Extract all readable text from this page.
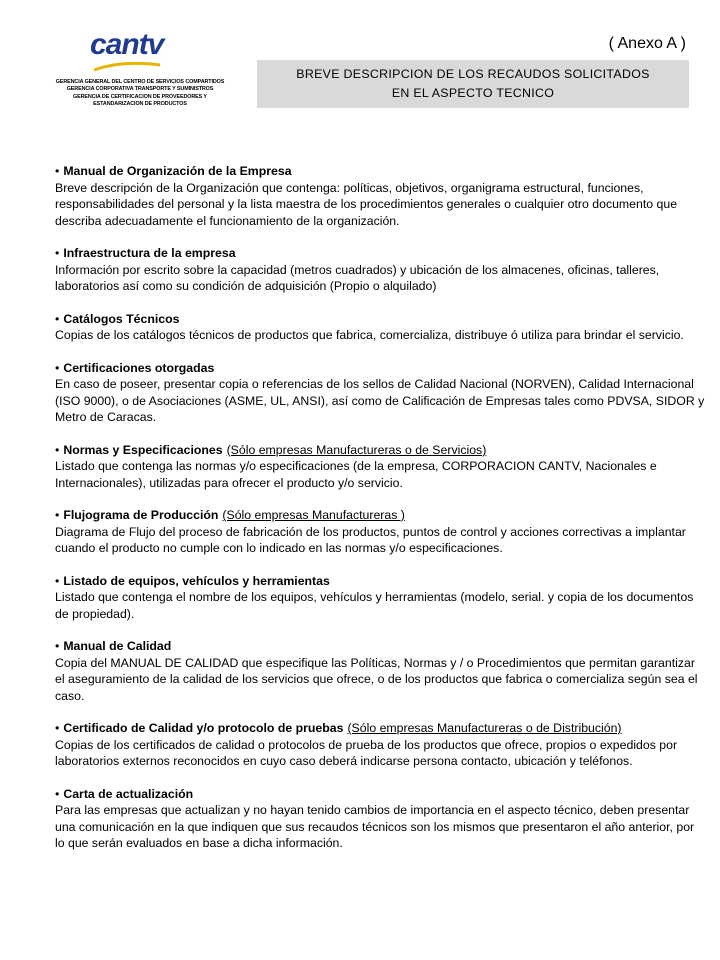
cantv
GERENCIA GENERAL DEL CENTRO DE SERVICIOS COMPARTIDOS
GERENCIA CORPORATIVA TRANSPORTE Y SUMINISTROS
GERENCIA DE CERTIFICACION DE PROVEEDORES Y
ESTANDARIZACION DE PRODUCTOS
( Anexo A )
BREVE DESCRIPCION DE LOS RECAUDOS SOLICITADOS
EN EL ASPECTO TECNICO
• Manual de Organización de la Empresa
Breve descripción de la Organización que contenga: políticas, objetivos, organigrama estructural, funciones, responsabilidades del personal y la lista maestra de los procedimientos generales o cualquier otro documento que describa adecuadamente el funcionamiento de la organización.
• Infraestructura de la empresa
Información por escrito sobre la capacidad (metros cuadrados) y ubicación de los almacenes, oficinas, talleres, laboratorios así como su condición de adquisición (Propio o alquilado)
• Catálogos Técnicos
Copias de los catálogos técnicos de productos que fabrica, comercializa, distribuye ó utiliza para brindar el servicio.
• Certificaciones otorgadas
En caso de poseer, presentar copia o referencias de los sellos de Calidad Nacional (NORVEN), Calidad Internacional (ISO 9000), o de Asociaciones (ASME, UL, ANSI), así como de Calificación de Empresas tales como PDVSA, SIDOR y Metro de Caracas.
• Normas y Especificaciones (Sólo empresas Manufactureras o de Servicios)
Listado que contenga las normas y/o especificaciones (de la empresa, CORPORACION CANTV, Nacionales e Internacionales), utilizadas para ofrecer el producto y/o servicio.
• Flujograma de Producción (Sólo empresas Manufactureras )
Diagrama de Flujo del proceso de fabricación de los productos, puntos de control y acciones correctivas a implantar cuando el producto no cumple con lo indicado en las normas y/o especificaciones.
• Listado de equipos, vehículos y herramientas
Listado que contenga el nombre de los equipos, vehículos y herramientas (modelo, serial. y copia de los documentos de propiedad).
• Manual de Calidad
Copia del MANUAL DE CALIDAD que especifique las Políticas, Normas y / o Procedimientos que permitan garantizar el aseguramiento de la calidad de los servicios que ofrece, o de los productos que fabrica o comercializa según sea el caso.
• Certificado de Calidad y/o protocolo de pruebas (Sólo empresas Manufactureras o de Distribución)
Copias de los certificados de calidad o protocolos de prueba de los productos que ofrece, propios o expedidos por laboratorios externos reconocidos en cuyo caso deberá indicarse persona contacto, ubicación y teléfonos.
• Carta de actualización
Para las empresas que actualizan y no hayan tenido cambios de importancia en el aspecto técnico, deben presentar una comunicación en la que indiquen que sus recaudos técnicos son los mismos que presentaron el año anterior, por lo que serán evaluados en base a dicha información.
